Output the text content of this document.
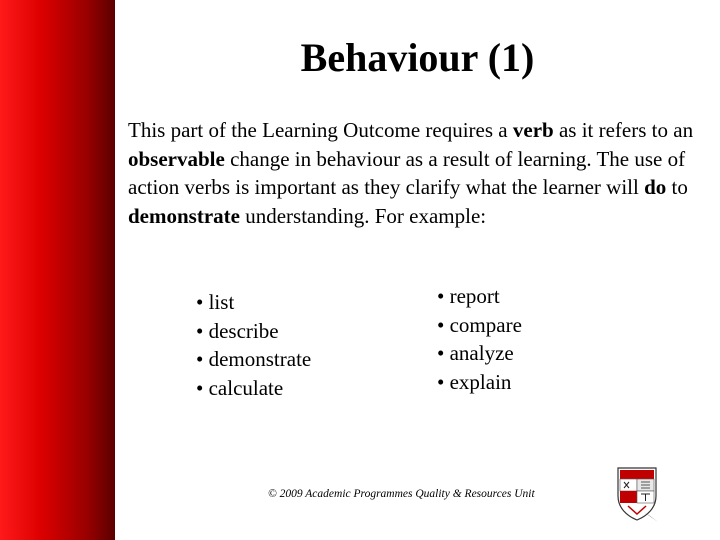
Behaviour (1)
This part of the Learning Outcome requires a verb as it refers to an observable change in behaviour as a result of learning. The use of action verbs is important as they clarify what the learner will do to demonstrate understanding. For example:
• list
• describe
• demonstrate
• calculate
• report
• compare
• analyze
• explain
© 2009 Academic Programmes Quality & Resources Unit
